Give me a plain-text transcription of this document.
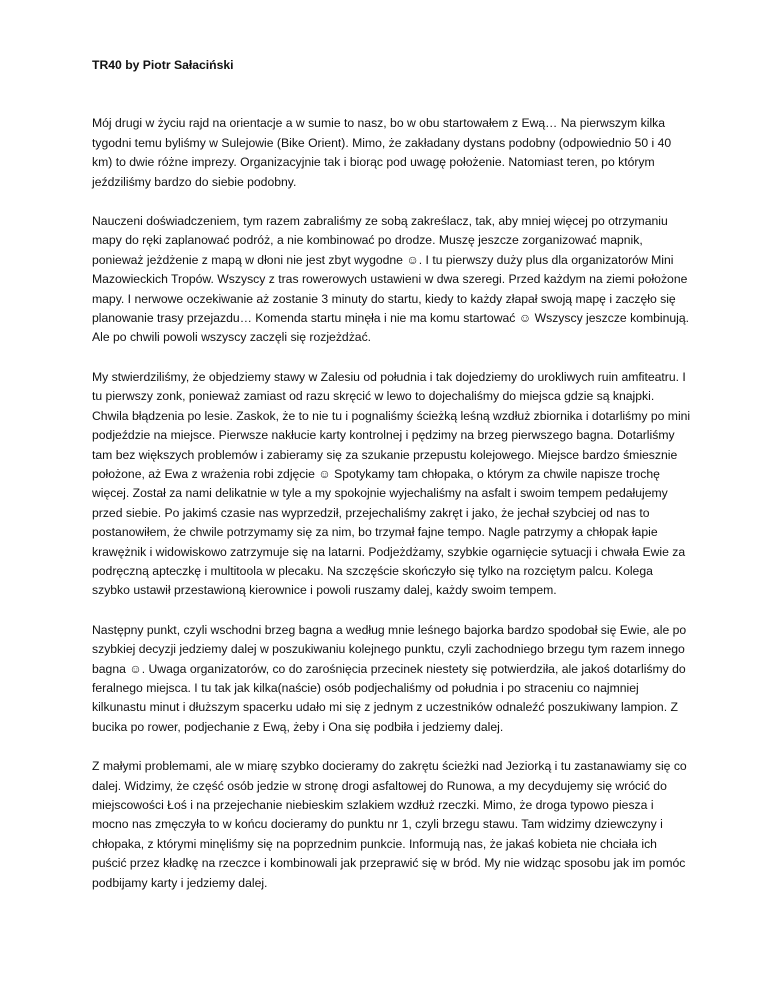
TR40 by Piotr Sałaciński

Mój drugi w życiu rajd na orientacje a w sumie to nasz, bo w obu startowałem z Ewą… Na pierwszym kilka tygodni temu byliśmy w Sulejowie (Bike Orient). Mimo, że zakładany dystans podobny (odpowiednio 50 i 40 km) to dwie różne imprezy. Organizacyjnie tak i biorąc pod uwagę położenie. Natomiast teren, po którym jeździliśmy bardzo do siebie podobny.

Nauczeni doświadczeniem, tym razem zabraliśmy ze sobą zakreślacz, tak, aby mniej więcej po otrzymaniu mapy do ręki zaplanować podróż, a nie kombinować po drodze. Muszę jeszcze zorganizować mapnik, ponieważ jeżdżenie z mapą w dłoni nie jest zbyt wygodne ☺. I tu pierwszy duży plus dla organizatorów Mini Mazowieckich Tropów. Wszyscy z tras rowerowych ustawieni w dwa szeregi. Przed każdym na ziemi położone mapy. I nerwowe oczekiwanie aż zostanie 3 minuty do startu, kiedy to każdy złapał swoją mapę i zaczęło się planowanie trasy przejazdu… Komenda startu minęła i nie ma komu startować ☺ Wszyscy jeszcze kombinują. Ale po chwili powoli wszyscy zaczęli się rozjeżdżać.

My stwierdziliśmy, że objedziemy stawy w Zalesiu od południa i tak dojedziemy do urokliwych ruin amfiteatru. I tu pierwszy zonk, ponieważ zamiast od razu skręcić w lewo to dojechaliśmy do miejsca gdzie są knajpki. Chwila błądzenia po lesie. Zaskok, że to nie tu i pognaliśmy ścieżką leśną wzdłuż zbiornika i dotarliśmy po mini podjeździe na miejsce. Pierwsze nakłucie karty kontrolnej i pędzimy na brzeg pierwszego bagna. Dotarliśmy tam bez większych problemów i zabieramy się za szukanie przepustu kolejowego. Miejsce bardzo śmiesznie położone, aż Ewa z wrażenia robi zdjęcie ☺ Spotykamy tam chłopaka, o którym za chwile napisze trochę więcej. Został za nami delikatnie w tyle a my spokojnie wyjechaliśmy na asfalt i swoim tempem pedałujemy przed siebie. Po jakimś czasie nas wyprzedził, przejechaliśmy zakręt i jako, że jechał szybciej od nas to postanowiłem, że chwile potrzymamy się za nim, bo trzymał fajne tempo. Nagle patrzymy a chłopak łapie krawężnik i widowiskowo zatrzymuje się na latarni. Podjeżdżamy, szybkie ogarnięcie sytuacji i chwała Ewie za podręczną apteczkę i multitoola w plecaku. Na szczęście skończyło się tylko na rozciętym palcu. Kolega szybko ustawił przestawioną kierownice i powoli ruszamy dalej, każdy swoim tempem.

Następny punkt, czyli wschodni brzeg bagna a według mnie leśnego bajorka bardzo spodobał się Ewie, ale po szybkiej decyzji jedziemy dalej w poszukiwaniu kolejnego punktu, czyli zachodniego brzegu tym razem innego bagna ☺. Uwaga organizatorów, co do zarośnięcia przecinek niestety się potwierdziła, ale jakoś dotarliśmy do feralnego miejsca. I tu tak jak kilka(naście) osób podjechaliśmy od południa i po straceniu co najmniej kilkunastu minut i dłuższym spacerku udało mi się z jednym z uczestników odnaleźć poszukiwany lampion. Z bucika po rower, podjechanie z Ewą, żeby i Ona się podbiła i jedziemy dalej.

Z małymi problemami, ale w miarę szybko docieramy do zakrętu ścieżki nad Jeziorką i tu zastanawiamy się co dalej. Widzimy, że część osób jedzie w stronę drogi asfaltowej do Runowa, a my decydujemy się wrócić do miejscowości Łoś i na przejechanie niebieskim szlakiem wzdłuż rzeczki. Mimo, że droga typowo piesza i mocno nas zmęczyła to w końcu docieramy do punktu nr 1, czyli brzegu stawu. Tam widzimy dziewczyny i chłopaka, z którymi minęliśmy się na poprzednim punkcie. Informują nas, że jakaś kobieta nie chciała ich puścić przez kładkę na rzeczce i kombinowali jak przeprawić się w bród. My nie widząc sposobu jak im pomóc podbijamy karty i jedziemy dalej.
